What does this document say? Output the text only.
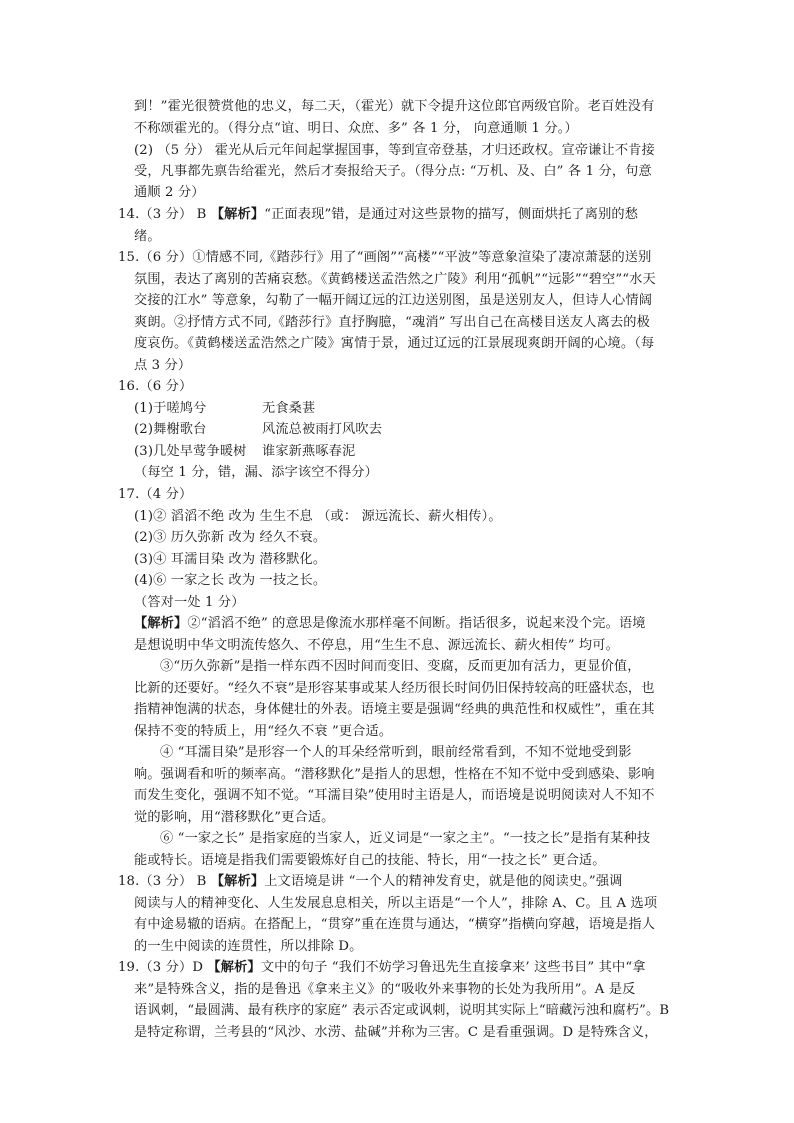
到！”霍光很赞赏他的忠义，每二天，（霍光）就下令提升这位郎官两级官阶。老百姓没有
不称颂霍光的。（得分点“谊、明日、众庶、多” 各 1 分， 向意通顺 1 分。）
(2) （5 分） 霍光从后元年间起掌握国事，等到宣帝登基，才归还政权。宣帝谦让不肯接
受，凡事都先禀告给霍光，然后才奏报给天子。（得分点: “万机、及、白” 各 1 分，句意
通顺 2 分）
14.（3 分） B 【解析】“正面表现”错，是通过对这些景物的描写，侧面烘托了离别的愁
绪。
15.（6 分）①情感不同,《踏莎行》用了“画阁”“高楼”“平波”等意象渲染了凄凉萧瑟的送别
氛围，表达了离别的苦痛哀愁。《黄鹤楼送孟浩然之广陵》利用“孤帆”“远影”“碧空”“水天
交接的江水” 等意象，勾勒了一幅开阔辽远的江边送别图，虽是送别友人，但诗人心情阔
爽朗。②抒情方式不同,《踏莎行》直抒胸臆，“魂消” 写出自己在高楼目送友人离去的极
度哀伤。《黄鹤楼送孟浩然之广陵》寓情于景，通过辽远的江景展现爽朗开阔的心境。（每
点 3 分）
16.（6 分）
(1)于嗟鸠兮	无食桑葚
(2)舞榭歌台	风流总被雨打风吹去
(3)几处早莺争暖树 谁家新燕啄春泥
（每空 1 分，错，漏、添字该空不得分）
17.（4 分）
(1)② 滔滔不绝 改为 生生不息 （或： 源远流长、薪火相传）。
(2)③ 历久弥新 改为 经久不衰。
(3)④ 耳濡目染 改为 潜移默化。
(4)⑥ 一家之长 改为 一技之长。
（答对一处 1 分）
【解析】②“滔滔不绝” 的意思是像流水那样毫不间断。指话很多，说起来没个完。语境
是想说明中华文明流传悠久、不停息，用“生生不息、源远流长、薪火相传” 均可。
③“历久弥新”是指一样东西不因时间而变旧、变腐，反而更加有活力，更显价值，
比新的还要好。“经久不衰”是形容某事或某人经历很长时间仍旧保持较高的旺盛状态，也
指精神饱满的状态，身体健壮的外表。语境主要是强调“经典的典范性和权威性”，重在其
保持不变的特质上，用“经久不衰 ”更合适。
④ “耳濡目染”是形容一个人的耳朵经常听到，眼前经常看到，不知不觉地受到影
响。强调看和听的频率高。“潜移默化”是指人的思想，性格在不知不觉中受到感染、影响
而发生变化，强调不知不觉。“耳濡目染”使用时主语是人，而语境是说明阅读对人不知不
觉的影响，用“潜移默化”更合适。
⑥ “一家之长” 是指家庭的当家人，近义词是“一家之主”。“一技之长”是指有某种技
能或特长。语境是指我们需要锻炼好自己的技能、特长，用“一技之长” 更合适。
18.（3 分） B 【解析】上文语境是讲 “一个人的精神发育史，就是他的阅读史。”强调
阅读与人的精神变化、人生发展息息相关，所以主语是“一个人”，排除 A、C。且 A 选项
有中途易辙的语病。在搭配上，“贯穿”重在连贯与通达，“横穿”指横向穿越，语境是指人
的一生中阅读的连贯性，所以排除 D。
19.（3 分）D 【解析】文中的句子 “我们不妨学习鲁迅先生直接拿来’ 这些书目” 其中“拿
来”是特殊含义，指的是鲁迅《拿来主义》的“吸收外来事物的长处为我所用”。A 是反
语讽刺，“最圆满、最有秩序的家庭” 表示否定或讽刺，说明其实际上“暗藏污浊和腐朽”。B
是特定称谓，兰考县的“风沙、水涝、盐碱”并称为三害。C 是看重强调。D 是特殊含义，
